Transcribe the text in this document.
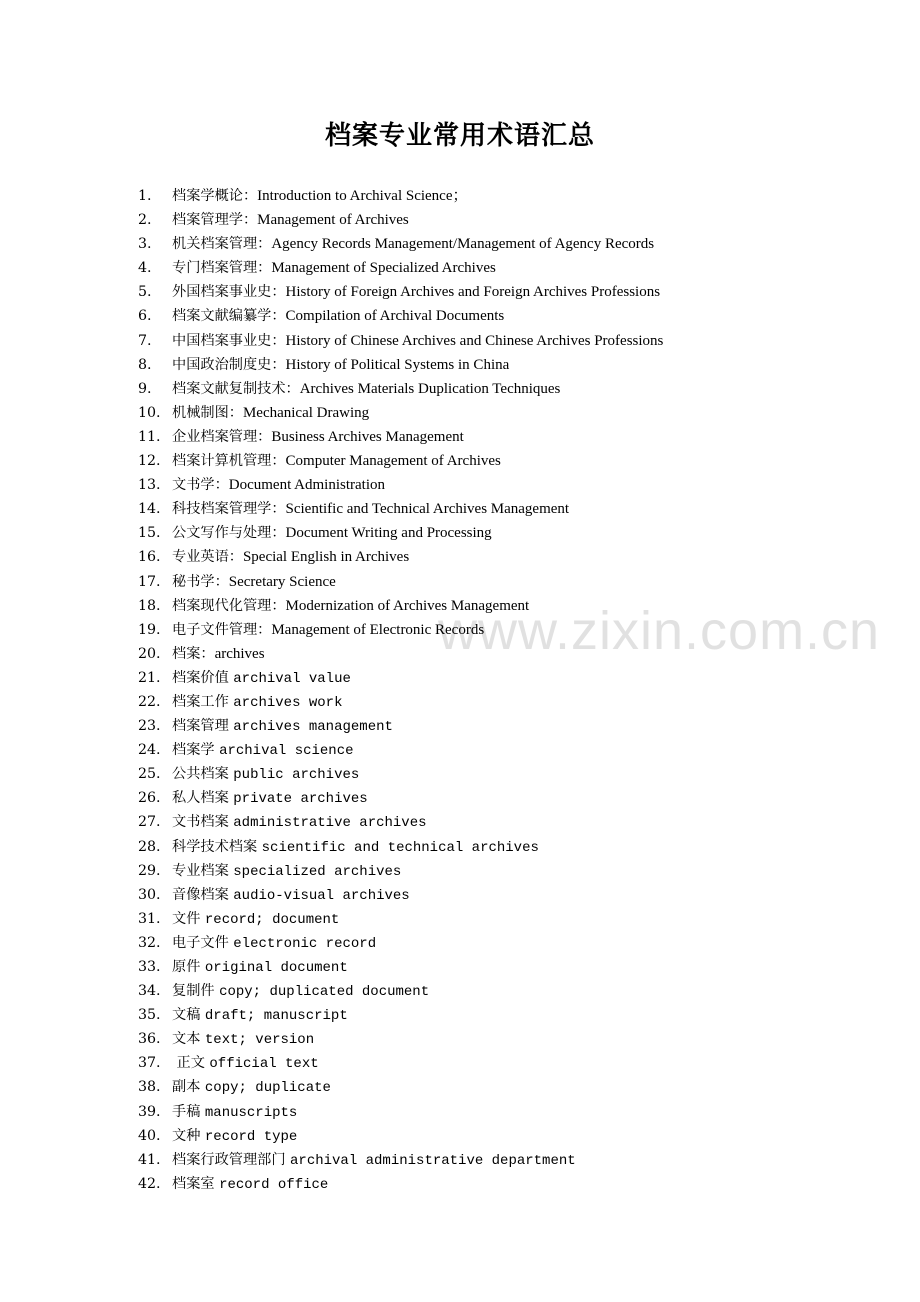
档案专业常用术语汇总
www.zixin.com.cn
1. 档案学概论：Introduction to Archival Science；
2. 档案管理学：Management of Archives
3. 机关档案管理：Agency Records Management/Management of Agency Records
4. 专门档案管理：Management of Specialized Archives
5. 外国档案事业史：History of Foreign Archives and Foreign Archives Professions
6. 档案文献编纂学：Compilation of Archival Documents
7. 中国档案事业史：History of Chinese Archives and Chinese Archives Professions
8. 中国政治制度史：History of Political Systems in China
9. 档案文献复制技术：Archives Materials Duplication Techniques
10. 机械制图：Mechanical Drawing
11. 企业档案管理：Business Archives Management
12. 档案计算机管理：Computer Management of Archives
13. 文书学：Document Administration
14. 科技档案管理学：Scientific and Technical Archives Management
15. 公文写作与处理：Document Writing and Processing
16. 专业英语：Special English in Archives
17. 秘书学：Secretary Science
18. 档案现代化管理：Modernization of Archives Management
19. 电子文件管理：Management of Electronic Records
20. 档案：archives
21. 档案价值 archival value
22. 档案工作 archives work
23. 档案管理 archives management
24. 档案学 archival science
25. 公共档案 public archives
26. 私人档案 private archives
27. 文书档案 administrative archives
28. 科学技术档案 scientific and technical archives
29. 专业档案 specialized archives
30. 音像档案 audio-visual archives
31. 文件 record; document
32. 电子文件 electronic record
33. 原件 original document
34. 复制件 copy; duplicated document
35. 文稿 draft; manuscript
36. 文本 text; version
37. 正文 official text
38. 副本 copy; duplicate
39. 手稿 manuscripts
40. 文种 record type
41. 档案行政管理部门 archival administrative department
42. 档案室 record office
